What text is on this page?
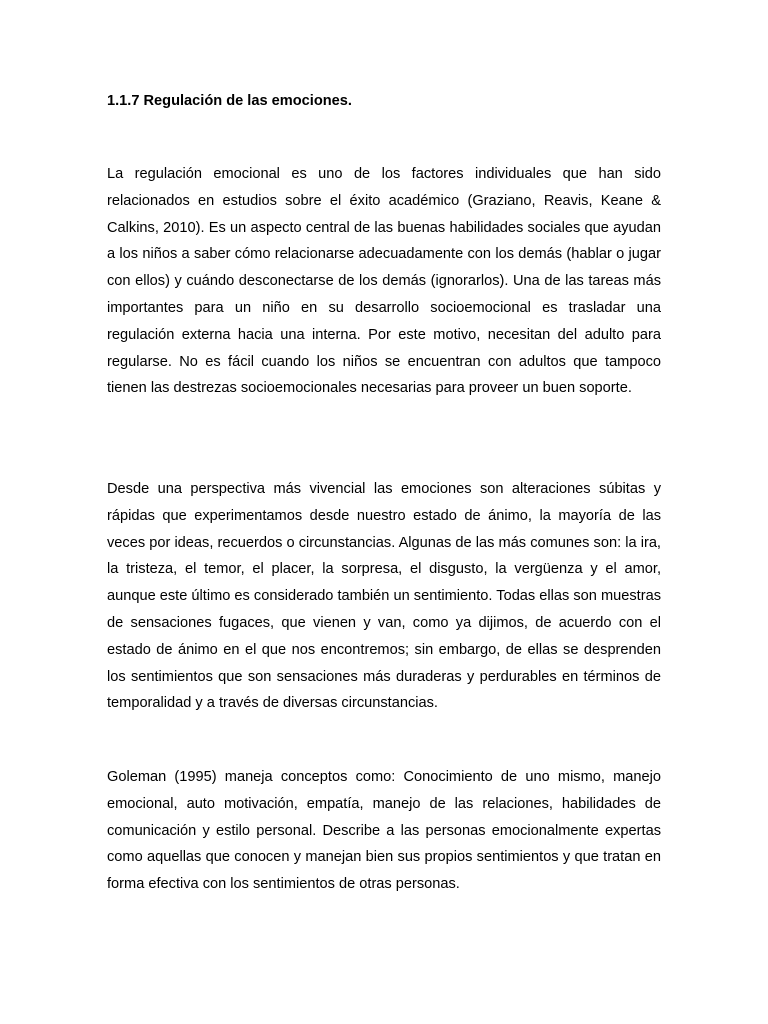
1.1.7 Regulación de las emociones.

La regulación emocional es uno de los factores individuales que han sido relacionados en estudios sobre el éxito académico (Graziano, Reavis, Keane & Calkins, 2010). Es un aspecto central de las buenas habilidades sociales que ayudan a los niños a saber cómo relacionarse adecuadamente con los demás (hablar o jugar con ellos) y cuándo desconectarse de los demás (ignorarlos). Una de las tareas más importantes para un niño en su desarrollo socioemocional es trasladar una regulación externa hacia una interna. Por este motivo, necesitan del adulto para regularse. No es fácil cuando los niños se encuentran con adultos que tampoco tienen las destrezas socioemocionales necesarias para proveer un buen soporte.

Desde una perspectiva más vivencial las emociones son alteraciones súbitas y rápidas que experimentamos desde nuestro estado de ánimo, la mayoría de las veces por ideas, recuerdos o circunstancias. Algunas de las más comunes son: la ira, la tristeza, el temor, el placer, la sorpresa, el disgusto, la vergüenza y el amor, aunque este último es considerado también un sentimiento. Todas ellas son muestras de sensaciones fugaces, que vienen y van, como ya dijimos, de acuerdo con el estado de ánimo en el que nos encontremos; sin embargo, de ellas se desprenden los sentimientos que son sensaciones más duraderas y perdurables en términos de temporalidad y a través de diversas circunstancias.

Goleman (1995) maneja conceptos como: Conocimiento de uno mismo, manejo emocional, auto motivación, empatía, manejo de las relaciones, habilidades de comunicación y estilo personal. Describe a las personas emocionalmente expertas como aquellas que conocen y manejan bien sus propios sentimientos y que tratan en forma efectiva con los sentimientos de otras personas.
